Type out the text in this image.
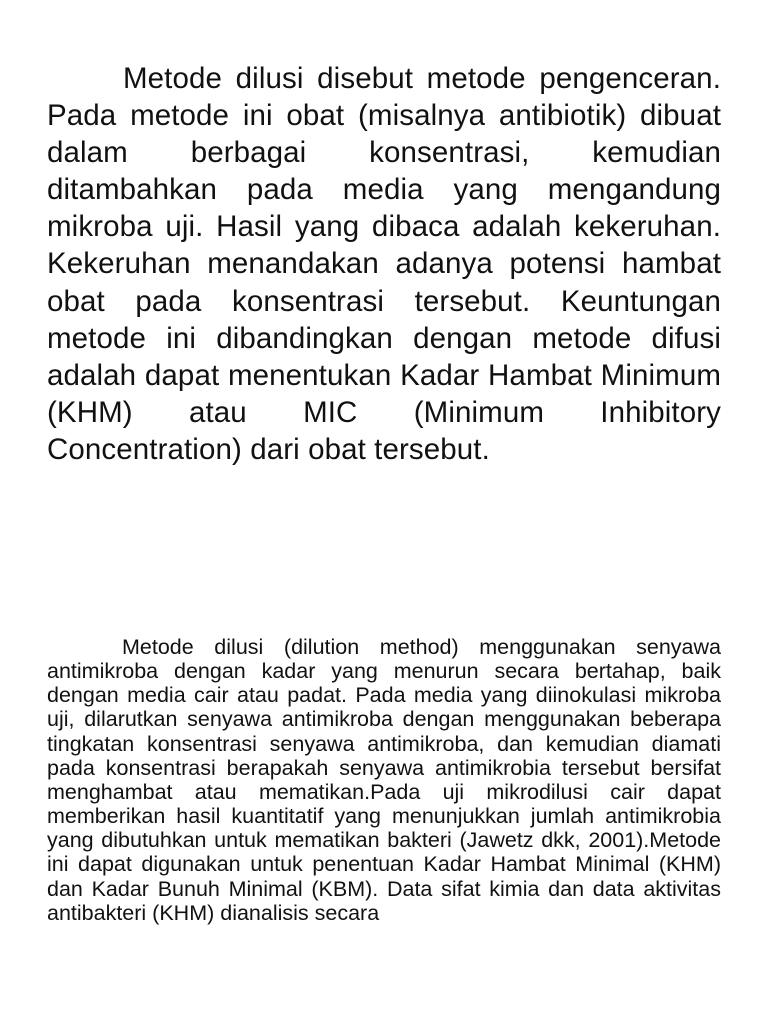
Metode dilusi disebut metode pengenceran. Pada metode ini obat (misalnya antibiotik) dibuat dalam berbagai konsentrasi, kemudian ditambahkan pada media yang mengandung mikroba uji. Hasil yang dibaca adalah kekeruhan. Kekeruhan menandakan adanya potensi hambat obat pada konsentrasi tersebut. Keuntungan metode ini dibandingkan dengan metode difusi adalah dapat menentukan Kadar Hambat Minimum (KHM) atau MIC (Minimum Inhibitory Concentration) dari obat tersebut.

Metode dilusi (dilution method) menggunakan senyawa antimikroba dengan kadar yang menurun secara bertahap, baik dengan media cair atau padat. Pada media yang diinokulasi mikroba uji, dilarutkan senyawa antimikroba dengan menggunakan beberapa tingkatan konsentrasi senyawa antimikroba, dan kemudian diamati pada konsentrasi berapakah senyawa antimikrobia tersebut bersifat menghambat atau mematikan.Pada uji mikrodilusi cair dapat memberikan hasil kuantitatif yang menunjukkan jumlah antimikrobia yang dibutuhkan untuk mematikan bakteri (Jawetz dkk, 2001).Metode ini dapat digunakan untuk penentuan Kadar Hambat Minimal (KHM) dan Kadar Bunuh Minimal (KBM). Data sifat kimia dan data aktivitas antibakteri (KHM) dianalisis secara
